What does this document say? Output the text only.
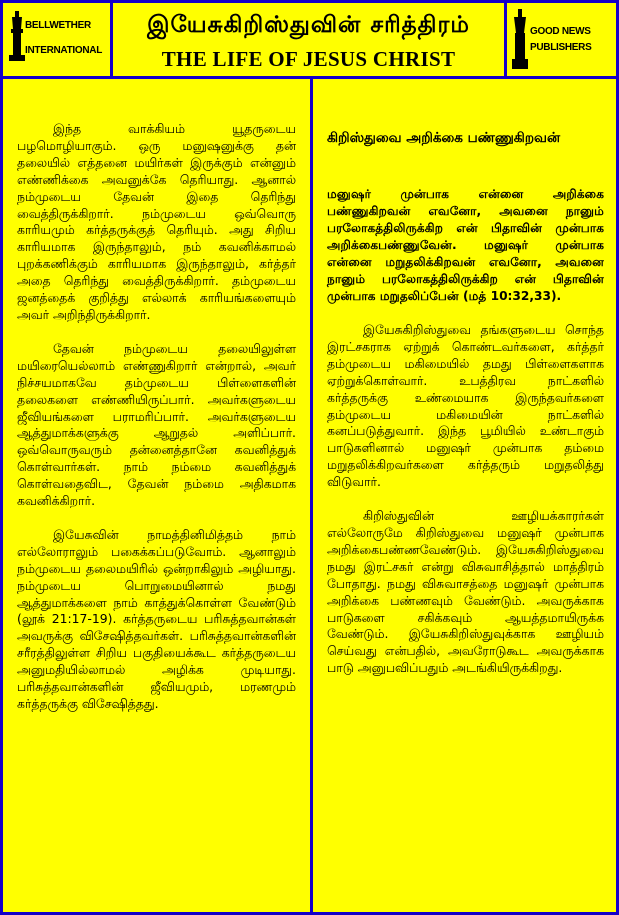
BELLWETHER
INTERNATIONAL
இயேசுகிறிஸ்துவின் சரித்திரம்
THE LIFE OF JESUS CHRIST
GOOD NEWS
PUBLISHERS

இந்த வாக்கியம் யூதருடைய பழமொழியாகும். ஒரு மனுஷனுக்கு தன் தலையில் எத்தனை மயிர்கள் இருக்கும் என்னும் எண்ணிக்கை அவனுக்கே தெரியாது. ஆனால் நம்முடைய தேவன் இதை தெரிந்து வைத்திருக்கிறார். நம்முடைய ஒவ்வொரு காரியமும் கர்த்தருக்குத் தெரியும். அது சிறிய காரியமாக இருந்தாலும், நம் கவனிக்காமல் புறக்கணிக்கும் காரியமாக இருந்தாலும், கர்த்தர் அதை தெரிந்து வைத்திருக்கிறார். தம்முடைய ஜனத்தைக் குறித்து எல்லாக் காரியங்களையும் அவர் அறிந்திருக்கிறார்.

தேவன் நம்முடைய தலையிலுள்ள மயிரையெல்லாம் எண்ணுகிறார் என்றால், அவர் நிச்சயமாகவே தம்முடைய பிள்ளைகளின் தலைகளை எண்ணியிருப்பார். அவர்களுடைய ஜீவியங்களை பராமரிப்பார். அவர்களுடைய ஆத்துமாக்களுக்கு ஆறுதல் அளிப்பார். ஒவ்வொருவரும் தன்னைத்தானே கவனித்துக் கொள்வார்கள். நாம் நம்மை கவனித்துக் கொள்வதைவிட, தேவன் நம்மை அதிகமாக கவனிக்கிறார்.

இயேசுவின் நாமத்தினிமித்தம் நாம் எல்லோராலும் பகைக்கப்படுவோம். ஆனாலும் நம்முடைய தலைமயிரில் ஒன்றாகிலும் அழியாது. நம்முடைய பொறுமையினால் நமது ஆத்துமாக்களை நாம் காத்துக்கொள்ள வேண்டும் (லூக் 21:17-19). கர்த்தருடைய பரிசுத்தவான்கள் அவருக்கு விசேஷித்தவர்கள். பரிசுத்தவான்களின் சரீரத்திலுள்ள சிறிய பகுதியைக்கூட கர்த்தருடைய அனுமதியில்லாமல் அழிக்க முடியாது. பரிசுத்தவான்களின் ஜீவியமும், மரணமும் கர்த்தருக்கு விசேஷித்தது.

கிறிஸ்துவை அறிக்கை பண்ணுகிறவன்

மனுஷர் முன்பாக என்னை அறிக்கை பண்ணுகிறவன் எவனோ, அவனை நானும் பரலோகத்திலிருக்கிற என் பிதாவின் முன்பாக அறிக்கைபண்ணுவேன். மனுஷர் முன்பாக என்னை மறுதலிக்கிறவன் எவனோ, அவனை நானும் பரலோகத்திலிருக்கிற என் பிதாவின் முன்பாக மறுதலிப்பேன் (மத் 10:32,33).

இயேசுகிறிஸ்துவை தங்களுடைய சொந்த இரட்சகராக ஏற்றுக் கொண்டவர்களை, கர்த்தர் தம்முடைய மகிமையில் தமது பிள்ளைகளாக ஏற்றுக்கொள்வார். உபத்திரவ நாட்களில் கர்த்தருக்கு உண்மையாக இருந்தவர்களை தம்முடைய மகிமையின் நாட்களில் கனப்படுத்துவார். இந்த பூமியில் உண்டாகும் பாடுகளினால் மனுஷர் முன்பாக தம்மை மறுதலிக்கிறவர்களை கர்த்தரும் மறுதலித்து விடுவார்.

கிறிஸ்துவின் ஊழியக்காரர்கள் எல்லோருமே கிறிஸ்துவை மனுஷர் முன்பாக அறிக்கைபண்ணவேண்டும். இயேசுகிறிஸ்துவை நமது இரட்சகர் என்று விசுவாசித்தால் மாத்திரம் போதாது. நமது விசுவாசத்தை மனுஷர் முன்பாக அறிக்கை பண்ணவும் வேண்டும். அவருக்காக பாடுகளை சகிக்கவும் ஆயத்தமாயிருக்க வேண்டும். இயேசுகிறிஸ்துவுக்காக ஊழியம் செய்வது என்பதில், அவரோடுகூட அவருக்காக பாடு அனுபவிப்பதும் அடங்கியிருக்கிறது.
